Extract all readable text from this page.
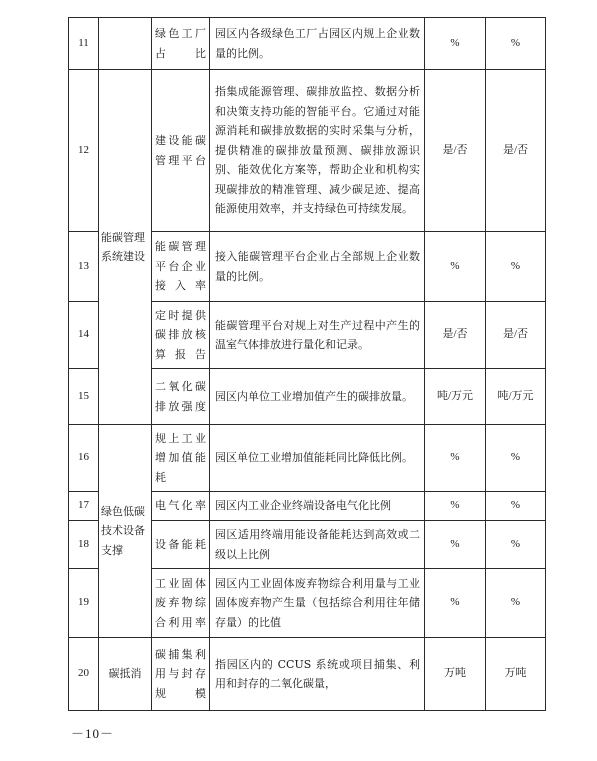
11		绿色工厂占比	园区内各级绿色工厂占园区内规上企业数量的比例。	%	%
12	能碳管理系统建设	建设能碳管理平台	指集成能源管理、碳排放监控、数据分析和决策支持功能的智能平台。它通过对能源消耗和碳排放数据的实时采集与分析，提供精准的碳排放量预测、碳排放源识别、能效优化方案等，帮助企业和机构实现碳排放的精准管理、减少碳足迹、提高能源使用效率，并支持绿色可持续发展。	是/否	是/否
13		能碳管理平台企业接入率	接入能碳管理平台企业占全部规上企业数量的比例。	%	%
14		定时提供碳排放核算报告	能碳管理平台对规上对生产过程中产生的温室气体排放进行量化和记录。	是/否	是/否
15		二氧化碳排放强度	园区内单位工业增加值产生的碳排放量。	吨/万元	吨/万元
16	绿色低碳技术设备支撑	规上工业增加值能耗	园区单位工业增加值能耗同比降低比例。	%	%
17		电气化率	园区内工业企业终端设备电气化比例	%	%
18		设备能耗	园区适用终端用能设备能耗达到高效或二级以上比例	%	%
19		工业固体废弃物综合利用率	园区内工业固体废弃物综合利用量与工业固体废弃物产生量（包括综合利用往年储存量）的比值	%	%
20	碳抵消	碳捕集利用与封存规模	指园区内的 CCUS 系统或项目捕集、利用和封存的二氧化碳量，	万吨	万吨
－10－
